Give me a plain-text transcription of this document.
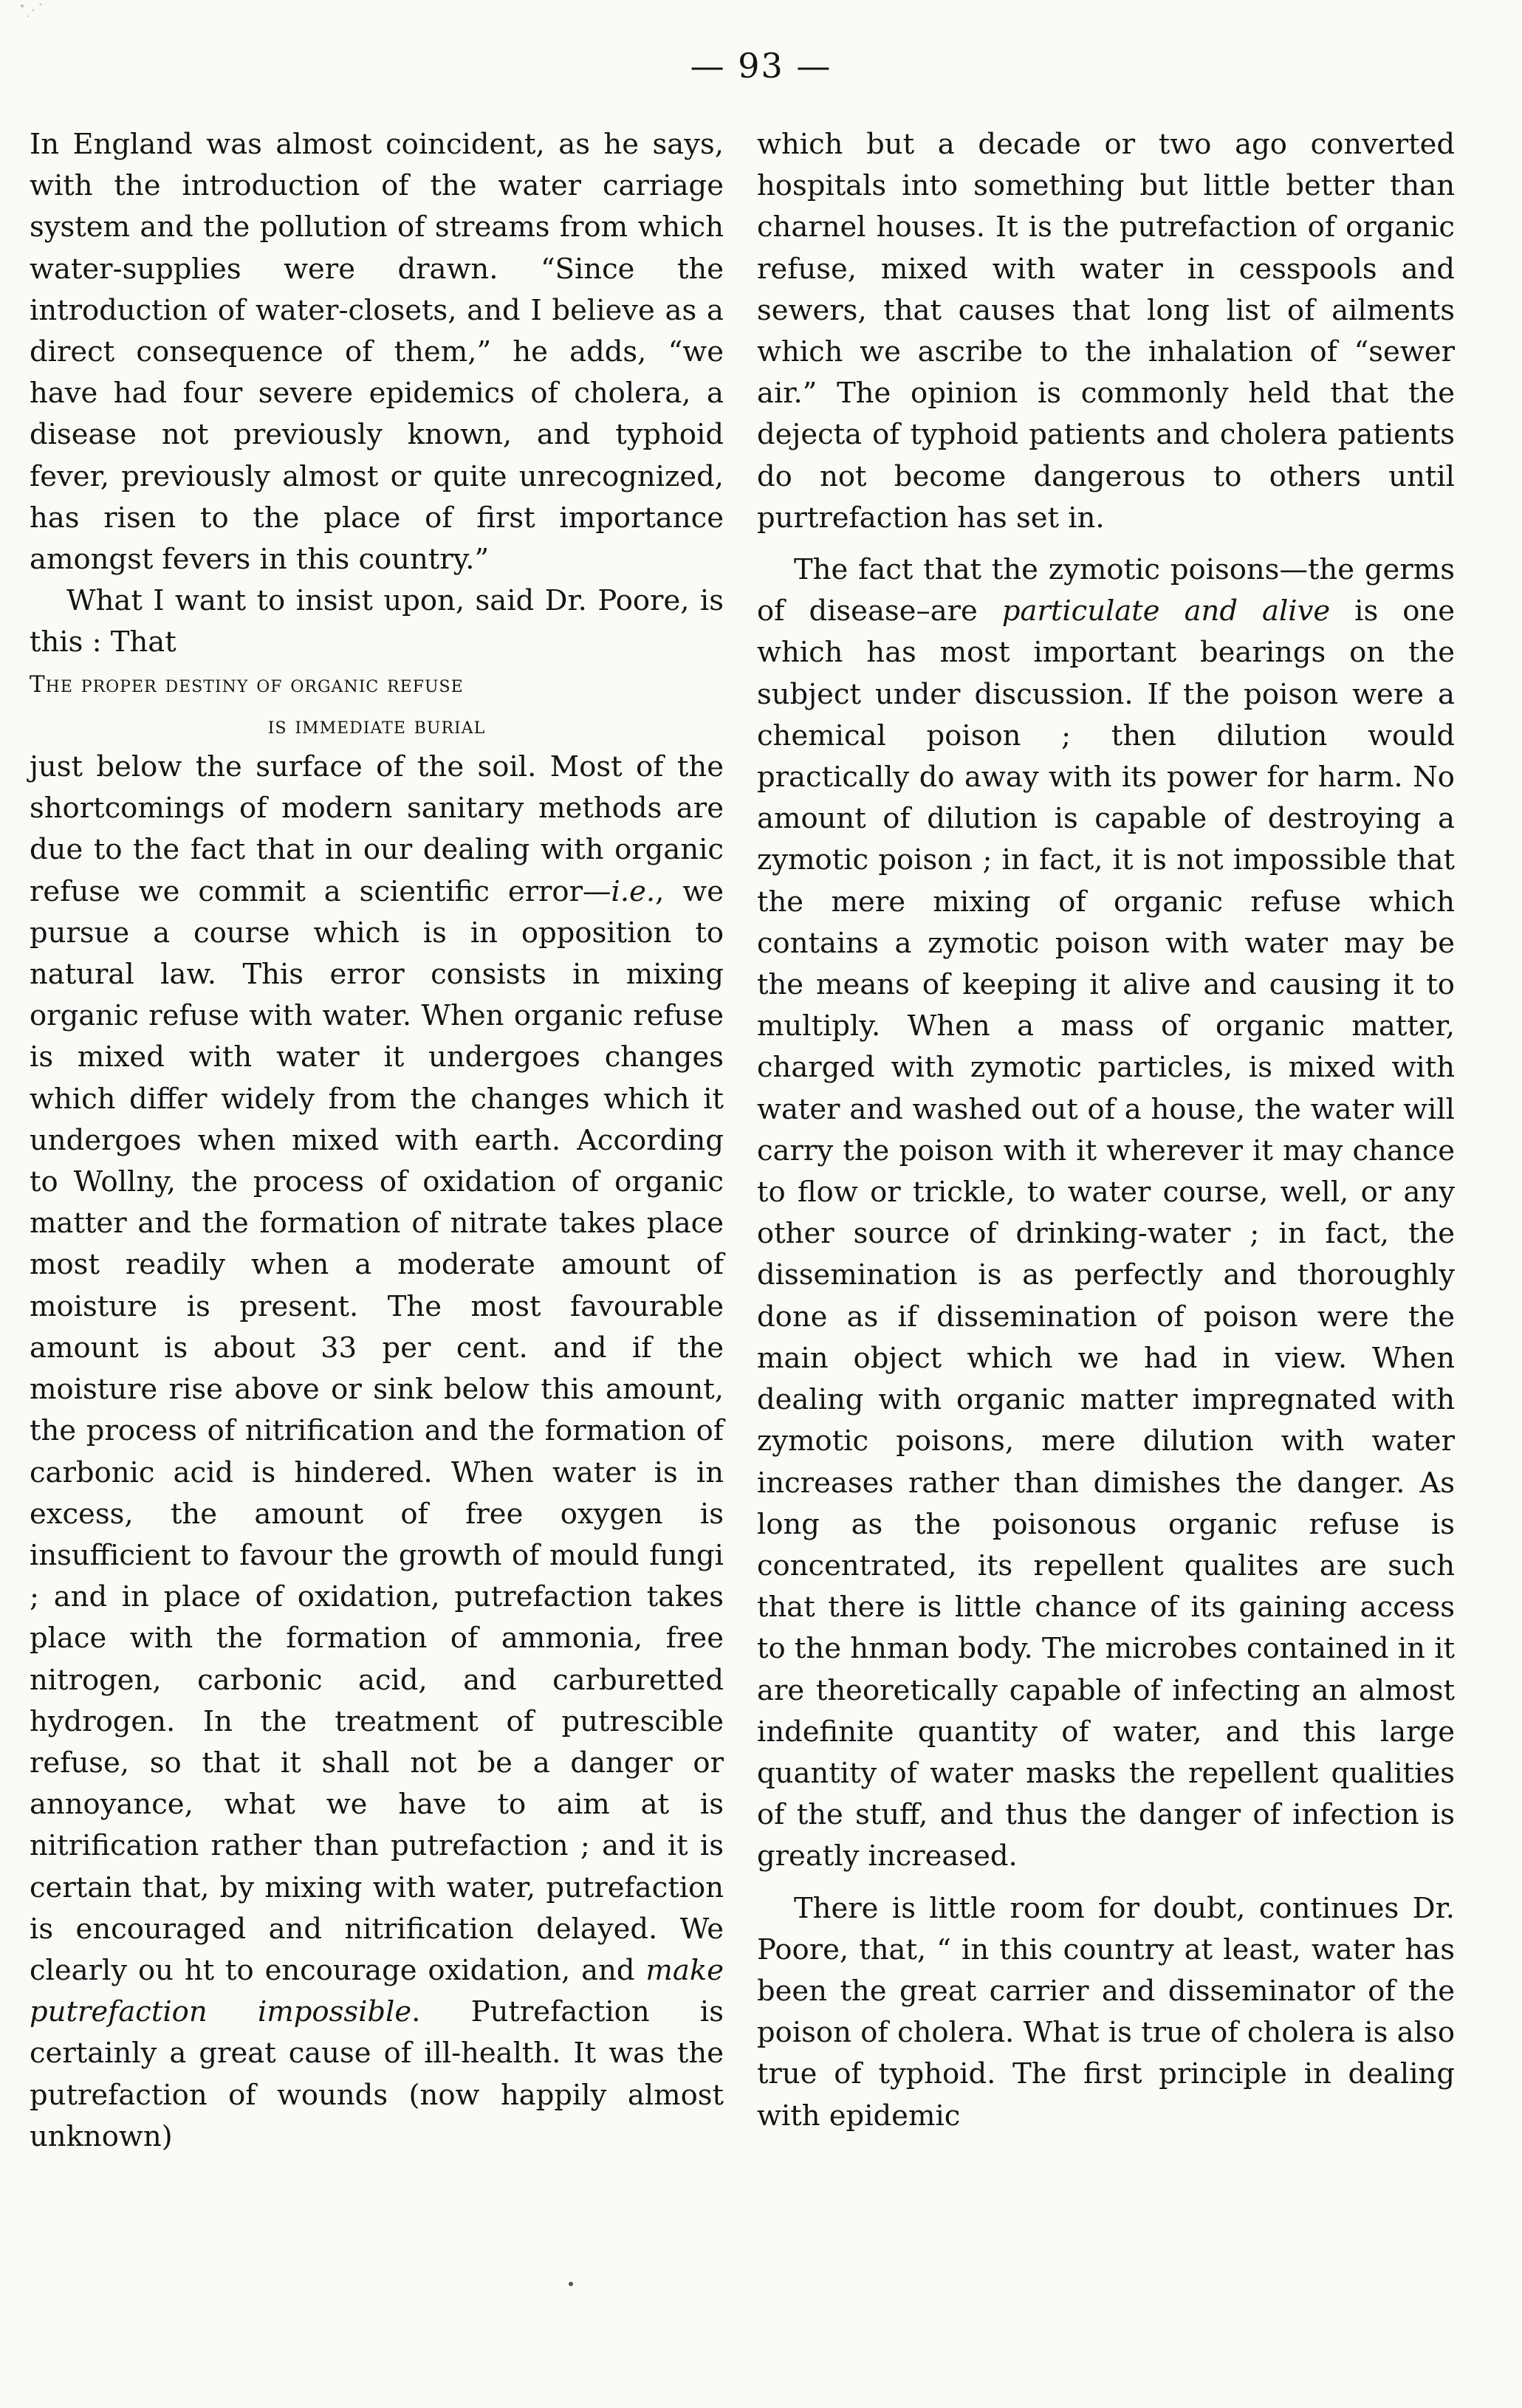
— 93 —

In England was almost coincident, as he says, with the introduction of the water carriage system and the pollution of streams from which water-supplies were drawn. “Since the introduction of water-closets, and I believe as a direct consequence of them,” he adds, “we have had four severe epidemics of cholera, a disease not previously known, and typhoid fever, previously almost or quite unrecognized, has risen to the place of first importance amongst fevers in this country.”

What I want to insist upon, said Dr. Poore, is this : That

The proper destiny of organic refuse
is immediate burial

just below the surface of the soil. Most of the shortcomings of modern sanitary methods are due to the fact that in our dealing with organic refuse we commit a scientific error—i.e., we pursue a course which is in opposition to natural law. This error consists in mixing organic refuse with water. When organic refuse is mixed with water it undergoes changes which differ widely from the changes which it undergoes when mixed with earth. According to Wollny, the process of oxidation of organic matter and the formation of nitrate takes place most readily when a moderate amount of moisture is present. The most favourable amount is about 33 per cent. and if the moisture rise above or sink below this amount, the process of nitrification and the formation of carbonic acid is hindered. When water is in excess, the amount of free oxygen is insufficient to favour the growth of mould fungi ; and in place of oxidation, putrefaction takes place with the formation of ammonia, free nitrogen, carbonic acid, and carburetted hydrogen. In the treatment of putrescible refuse, so that it shall not be a danger or annoyance, what we have to aim at is nitrification rather than putrefaction ; and it is certain that, by mixing with water, putrefaction is encouraged and nitrification delayed. We clearly ou ht to encourage oxidation, and make putrefaction impossible. Putrefaction is certainly a great cause of ill-health. It was the putrefaction of wounds (now happily almost unknown)

which but a decade or two ago converted hospitals into something but little better than charnel houses. It is the putrefaction of organic refuse, mixed with water in cesspools and sewers, that causes that long list of ailments which we ascribe to the inhalation of “sewer air.” The opinion is commonly held that the dejecta of typhoid patients and cholera patients do not become dangerous to others until purtrefaction has set in.

The fact that the zymotic poisons—the germs of disease–are particulate and alive is one which has most important bearings on the subject under discussion. If the poison were a chemical poison ; then dilution would practically do away with its power for harm. No amount of dilution is capable of destroying a zymotic poison ; in fact, it is not impossible that the mere mixing of organic refuse which contains a zymotic poison with water may be the means of keeping it alive and causing it to multiply. When a mass of organic matter, charged with zymotic particles, is mixed with water and washed out of a house, the water will carry the poison with it wherever it may chance to flow or trickle, to water course, well, or any other source of drinking-water ; in fact, the dissemination is as perfectly and thoroughly done as if dissemination of poison were the main object which we had in view. When dealing with organic matter impregnated with zymotic poisons, mere dilution with water increases rather than dimishes the danger. As long as the poisonous organic refuse is concentrated, its repellent qualites are such that there is little chance of its gaining access to the hnman body. The microbes contained in it are theoretically capable of infecting an almost indefinite quantity of water, and this large quantity of water masks the repellent qualities of the stuff, and thus the danger of infection is greatly increased.

There is little room for doubt, continues Dr. Poore, that, “ in this country at least, water has been the great carrier and disseminator of the poison of cholera. What is true of cholera is also true of typhoid. The first principle in dealing with epidemic
